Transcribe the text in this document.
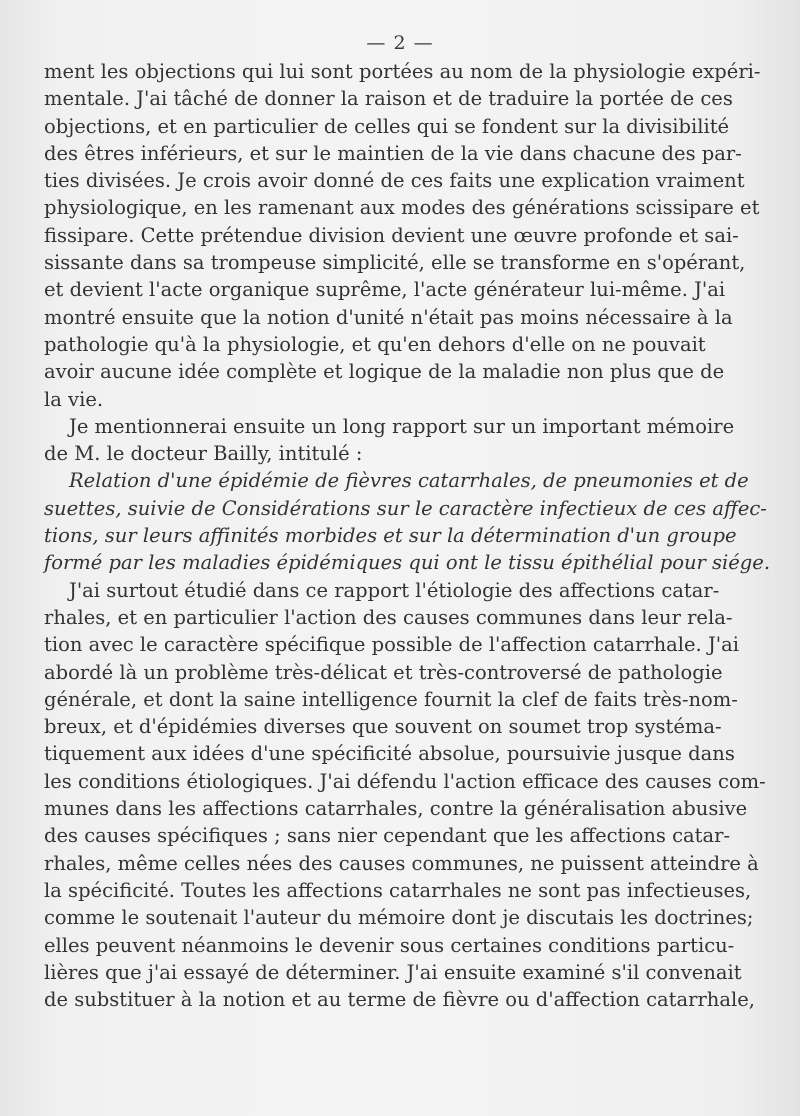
— 2 —
ment les objections qui lui sont portées au nom de la physiologie expéri-
mentale. J'ai tâché de donner la raison et de traduire la portée de ces
objections, et en particulier de celles qui se fondent sur la divisibilité
des êtres inférieurs, et sur le maintien de la vie dans chacune des par-
ties divisées. Je crois avoir donné de ces faits une explication vraiment
physiologique, en les ramenant aux modes des générations scissipare et
fissipare. Cette prétendue division devient une œuvre profonde et sai-
sissante dans sa trompeuse simplicité, elle se transforme en s'opérant,
et devient l'acte organique suprême, l'acte générateur lui-même. J'ai
montré ensuite que la notion d'unité n'était pas moins nécessaire à la
pathologie qu'à la physiologie, et qu'en dehors d'elle on ne pouvait
avoir aucune idée complète et logique de la maladie non plus que de
la vie.
Je mentionnerai ensuite un long rapport sur un important mémoire
de M. le docteur Bailly, intitulé :
Relation d'une épidémie de fièvres catarrhales, de pneumonies et de
suettes, suivie de Considérations sur le caractère infectieux de ces affec-
tions, sur leurs affinités morbides et sur la détermination d'un groupe
formé par les maladies épidémiques qui ont le tissu épithélial pour siége.
J'ai surtout étudié dans ce rapport l'étiologie des affections catar-
rhales, et en particulier l'action des causes communes dans leur rela-
tion avec le caractère spécifique possible de l'affection catarrhale. J'ai
abordé là un problème très-délicat et très-controversé de pathologie
générale, et dont la saine intelligence fournit la clef de faits très-nom-
breux, et d'épidémies diverses que souvent on soumet trop systéma-
tiquement aux idées d'une spécificité absolue, poursuivie jusque dans
les conditions étiologiques. J'ai défendu l'action efficace des causes com-
munes dans les affections catarrhales, contre la généralisation abusive
des causes spécifiques ; sans nier cependant que les affections catar-
rhales, même celles nées des causes communes, ne puissent atteindre à
la spécificité. Toutes les affections catarrhales ne sont pas infectieuses,
comme le soutenait l'auteur du mémoire dont je discutais les doctrines;
elles peuvent néanmoins le devenir sous certaines conditions particu-
lières que j'ai essayé de déterminer. J'ai ensuite examiné s'il convenait
de substituer à la notion et au terme de fièvre ou d'affection catarrhale,
